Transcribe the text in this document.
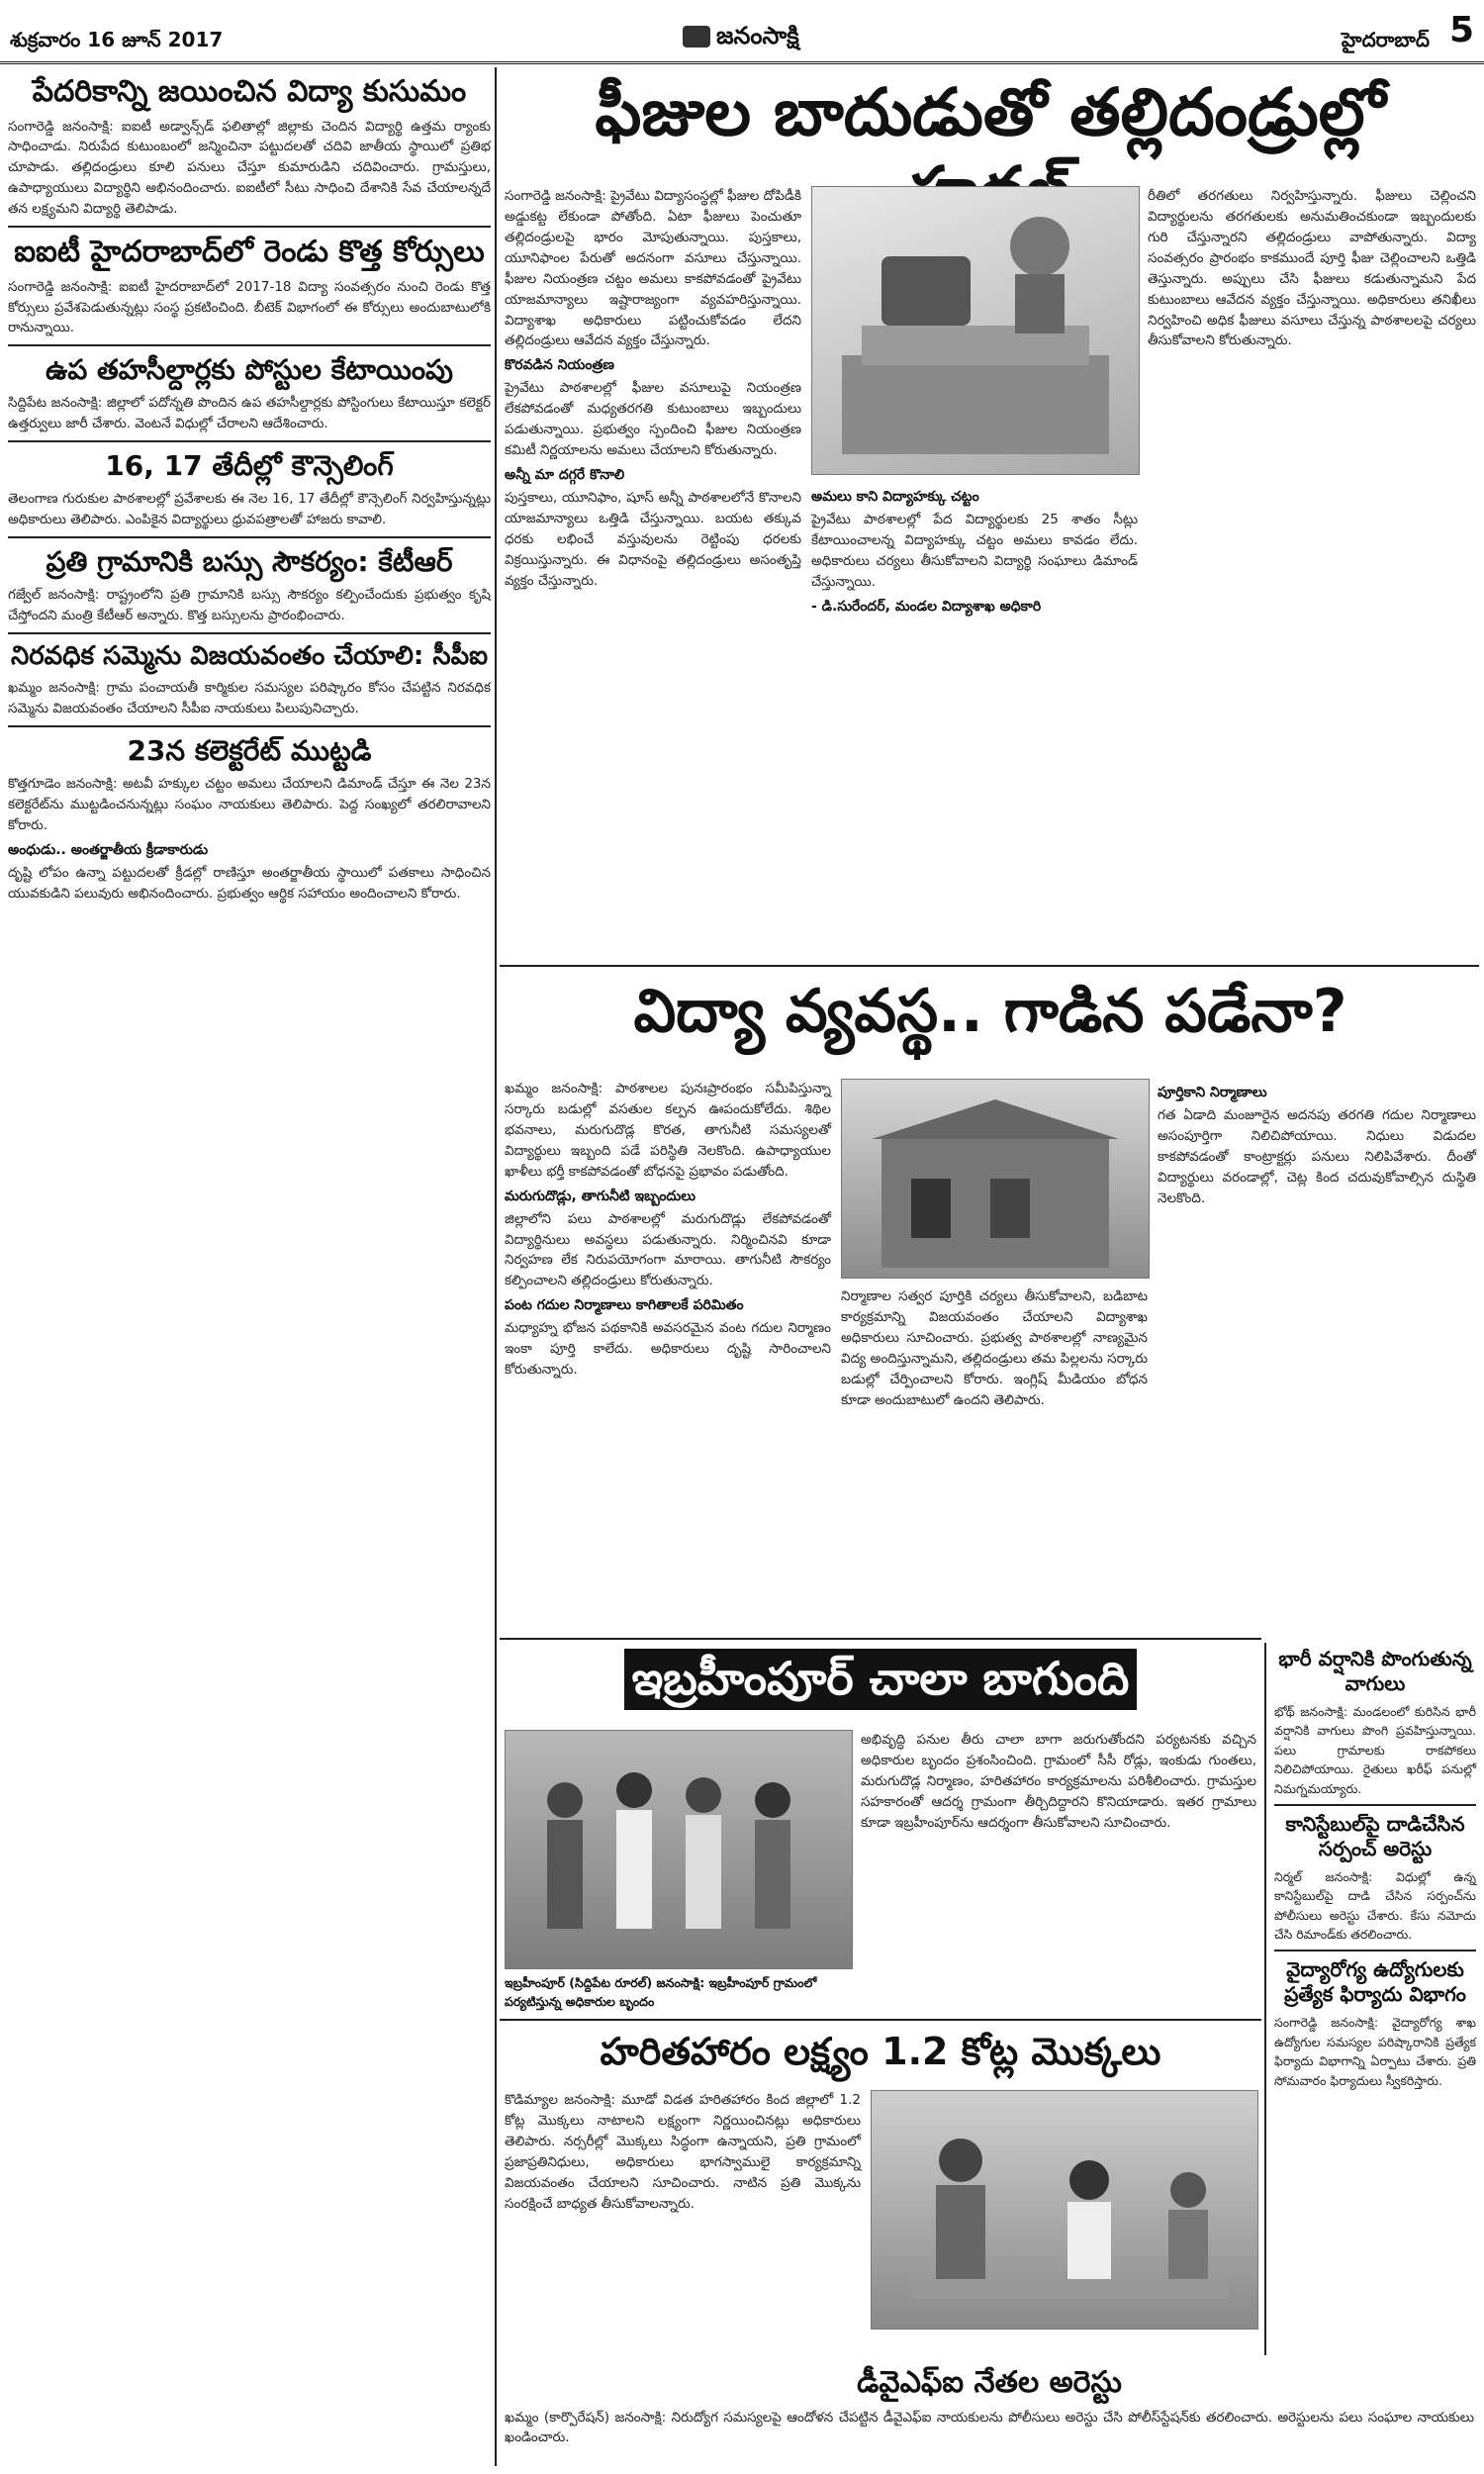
శుక్రవారం 16 జూన్ 2017	జనంసాక్షి	హైదరాబాద్ 5
పేదరికాన్ని జయించిన విద్యా కుసుమం

సంగారెడ్డి జనంసాక్షి: ఐఐటీ అడ్వాన్స్‌డ్ ఫలితాల్లో జిల్లాకు చెందిన విద్యార్థి ఉత్తమ ర్యాంకు సాధించాడు. నిరుపేద కుటుంబంలో జన్మించినా పట్టుదలతో చదివి జాతీయ స్థాయిలో ప్రతిభ చూపాడు. తల్లిదండ్రులు కూలి పనులు చేస్తూ కుమారుడిని చదివించారు. గ్రామస్తులు, ఉపాధ్యాయులు విద్యార్థిని అభినందించారు. ఐఐటీలో సీటు సాధించి దేశానికి సేవ చేయాలన్నదే తన లక్ష్యమని విద్యార్థి తెలిపాడు.

ఐఐటీ హైదరాబాద్‌లో రెండు కొత్త కోర్సులు

సంగారెడ్డి జనంసాక్షి: ఐఐటీ హైదరాబాద్‌లో 2017-18 విద్యా సంవత్సరం నుంచి రెండు కొత్త కోర్సులు ప్రవేశపెడుతున్నట్లు సంస్థ ప్రకటించింది. బీటెక్ విభాగంలో ఈ కోర్సులు అందుబాటులోకి రానున్నాయి.

ఉప తహసీల్దార్లకు పోస్టుల కేటాయింపు

సిద్దిపేట జనంసాక్షి: జిల్లాలో పదోన్నతి పొందిన ఉప తహసీల్దార్లకు పోస్టింగులు కేటాయిస్తూ కలెక్టర్ ఉత్తర్వులు జారీ చేశారు. వెంటనే విధుల్లో చేరాలని ఆదేశించారు.

16, 17 తేదీల్లో కౌన్సెలింగ్

తెలంగాణ గురుకుల పాఠశాలల్లో ప్రవేశాలకు ఈ నెల 16, 17 తేదీల్లో కౌన్సెలింగ్ నిర్వహిస్తున్నట్లు అధికారులు తెలిపారు. ఎంపికైన విద్యార్థులు ధ్రువపత్రాలతో హాజరు కావాలి.

ప్రతి గ్రామానికి బస్సు సౌకర్యం: కేటీఆర్

గజ్వేల్ జనంసాక్షి: రాష్ట్రంలోని ప్రతి గ్రామానికి బస్సు సౌకర్యం కల్పించేందుకు ప్రభుత్వం కృషి చేస్తోందని మంత్రి కేటీఆర్ అన్నారు. కొత్త బస్సులను ప్రారంభించారు.

నిరవధిక సమ్మెను విజయవంతం చేయాలి: సీపీఐ

ఖమ్మం జనంసాక్షి: గ్రామ పంచాయతీ కార్మికుల సమస్యల పరిష్కారం కోసం చేపట్టిన నిరవధిక సమ్మెను విజయవంతం చేయాలని సీపీఐ నాయకులు పిలుపునిచ్చారు.

23న కలెక్టరేట్ ముట్టడి

కొత్తగూడెం జనంసాక్షి: అటవీ హక్కుల చట్టం అమలు చేయాలని డిమాండ్ చేస్తూ ఈ నెల 23న కలెక్టరేట్‌ను ముట్టడించనున్నట్లు సంఘం నాయకులు తెలిపారు. పెద్ద సంఖ్యలో తరలిరావాలని కోరారు.

అంధుడు.. అంతర్జాతీయ క్రీడాకారుడు

దృష్టి లోపం ఉన్నా పట్టుదలతో క్రీడల్లో రాణిస్తూ అంతర్జాతీయ స్థాయిలో పతకాలు సాధించిన యువకుడిని పలువురు అభినందించారు. ప్రభుత్వం ఆర్థిక సహాయం అందించాలని కోరారు.

ఫీజుల బాదుడుతో తల్లిదండ్రుల్లో

సంగారెడ్డి జనంసాక్షి: ప్రైవేటు విద్యాసంస్థల్లో ఫీజుల దోపిడీకి అడ్డుకట్ట లేకుండా పోతోంది. ఏటా ఫీజులు పెంచుతూ తల్లిదండ్రులపై భారం మోపుతున్నాయి. పుస్తకాలు, యూనిఫాంల పేరుతో అదనంగా వసూలు చేస్తున్నాయి. ఫీజుల నియంత్రణ చట్టం అమలు కాకపోవడంతో ప్రైవేటు యాజమాన్యాలు ఇష్టారాజ్యంగా వ్యవహరిస్తున్నాయి. విద్యాశాఖ అధికారులు పట్టించుకోవడం లేదని తల్లిదండ్రులు ఆవేదన వ్యక్తం చేస్తున్నారు.

కొరవడిన నియంత్రణ

ప్రైవేటు పాఠశాలల్లో ఫీజుల వసూలుపై నియంత్రణ లేకపోవడంతో మధ్యతరగతి కుటుంబాలు ఇబ్బందులు పడుతున్నాయి. ప్రభుత్వం స్పందించి ఫీజుల నియంత్రణ కమిటీ నిర్ణయాలను అమలు చేయాలని కోరుతున్నారు.

అన్నీ మా దగ్గరే కొనాలి

పుస్తకాలు, యూనిఫాం, షూస్ అన్నీ పాఠశాలలోనే కొనాలని యాజమాన్యాలు ఒత్తిడి చేస్తున్నాయి. బయట తక్కువ ధరకు లభించే వస్తువులను రెట్టింపు ధరలకు విక్రయిస్తున్నారు. ఈ విధానంపై తల్లిదండ్రులు అసంతృప్తి వ్యక్తం చేస్తున్నారు.

అమలు కాని విద్యాహక్కు చట్టం

ప్రైవేటు పాఠశాలల్లో పేద విద్యార్థులకు 25 శాతం సీట్లు కేటాయించాలన్న విద్యాహక్కు చట్టం అమలు కావడం లేదు. అధికారులు చర్యలు తీసుకోవాలని విద్యార్థి సంఘాలు డిమాండ్ చేస్తున్నాయి.

- డి.సురేందర్, మండల విద్యాశాఖ అధికారి

రీతిలో తరగతులు నిర్వహిస్తున్నారు. ఫీజులు చెల్లించని విద్యార్థులను తరగతులకు అనుమతించకుండా ఇబ్బందులకు గురి చేస్తున్నారని తల్లిదండ్రులు వాపోతున్నారు. విద్యా సంవత్సరం ప్రారంభం కాకముందే పూర్తి ఫీజు చెల్లించాలని ఒత్తిడి తెస్తున్నారు. అప్పులు చేసి ఫీజులు కడుతున్నామని పేద కుటుంబాలు ఆవేదన వ్యక్తం చేస్తున్నాయి. అధికారులు తనిఖీలు నిర్వహించి అధిక ఫీజులు వసూలు చేస్తున్న పాఠశాలలపై చర్యలు తీసుకోవాలని కోరుతున్నారు.

విద్యా వ్యవస్థ.. గాడిన పడేనా?

ఖమ్మం జనంసాక్షి: పాఠశాలల పునఃప్రారంభం సమీపిస్తున్నా సర్కారు బడుల్లో వసతుల కల్పన ఊపందుకోలేదు. శిథిల భవనాలు, మరుగుదొడ్ల కొరత, తాగునీటి సమస్యలతో విద్యార్థులు ఇబ్బంది పడే పరిస్థితి నెలకొంది. ఉపాధ్యాయుల ఖాళీలు భర్తీ కాకపోవడంతో బోధనపై ప్రభావం పడుతోంది.

మరుగుదొడ్లు, తాగునీటి ఇబ్బందులు

జిల్లాలోని పలు పాఠశాలల్లో మరుగుదొడ్లు లేకపోవడంతో విద్యార్థినులు అవస్థలు పడుతున్నారు. నిర్మించినవి కూడా నిర్వహణ లేక నిరుపయోగంగా మారాయి. తాగునీటి సౌకర్యం కల్పించాలని తల్లిదండ్రులు కోరుతున్నారు.

పంట గదుల నిర్మాణాలు కాగితాలకే పరిమితం

మధ్యాహ్న భోజన పథకానికి అవసరమైన వంట గదుల నిర్మాణం ఇంకా పూర్తి కాలేదు. అధికారులు దృష్టి సారించాలని కోరుతున్నారు.

నిర్మాణాల సత్వర పూర్తికి చర్యలు తీసుకోవాలని, బడిబాట కార్యక్రమాన్ని విజయవంతం చేయాలని విద్యాశాఖ అధికారులు సూచించారు. ప్రభుత్వ పాఠశాలల్లో నాణ్యమైన విద్య అందిస్తున్నామని, తల్లిదండ్రులు తమ పిల్లలను సర్కారు బడుల్లో చేర్పించాలని కోరారు. ఇంగ్లిష్ మీడియం బోధన కూడా అందుబాటులో ఉందని తెలిపారు.

పూర్తికాని నిర్మాణాలు

గత ఏడాది మంజూరైన అదనపు తరగతి గదుల నిర్మాణాలు అసంపూర్తిగా నిలిచిపోయాయి. నిధులు విడుదల కాకపోవడంతో కాంట్రాక్టర్లు పనులు నిలిపివేశారు. దీంతో విద్యార్థులు వరండాల్లో, చెట్ల కింద చదువుకోవాల్సిన దుస్థితి నెలకొంది.

ఇబ్రహీంపూర్ చాలా బాగుంది
ఇబ్రహీంపూర్ (సిద్దిపేట రూరల్) జనంసాక్షి: ఇబ్రహీంపూర్ గ్రామంలో పర్యటిస్తున్న అధికారుల బృందం

అభివృద్ధి పనుల తీరు చాలా బాగా జరుగుతోందని పర్యటనకు వచ్చిన అధికారుల బృందం ప్రశంసించింది. గ్రామంలో సీసీ రోడ్లు, ఇంకుడు గుంతలు, మరుగుదొడ్ల నిర్మాణం, హరితహారం కార్యక్రమాలను పరిశీలించారు. గ్రామస్తుల సహకారంతో ఆదర్శ గ్రామంగా తీర్చిదిద్దారని కొనియాడారు. ఇతర గ్రామాలు కూడా ఇబ్రహీంపూర్‌ను ఆదర్శంగా తీసుకోవాలని సూచించారు.

హరితహారం లక్ష్యం 1.2 కోట్ల మొక్కలు

కొడిమ్యాల జనంసాక్షి: మూడో విడత హరితహారం కింద జిల్లాలో 1.2 కోట్ల మొక్కలు నాటాలని లక్ష్యంగా నిర్ణయించినట్లు అధికారులు తెలిపారు. నర్సరీల్లో మొక్కలు సిద్ధంగా ఉన్నాయని, ప్రతి గ్రామంలో ప్రజాప్రతినిధులు, అధికారులు భాగస్వాములై కార్యక్రమాన్ని విజయవంతం చేయాలని సూచించారు. నాటిన ప్రతి మొక్కను సంరక్షించే బాధ్యత తీసుకోవాలన్నారు.

డీవైఎఫ్ఐ నేతల అరెస్టు

ఖమ్మం (కార్పొరేషన్) జనంసాక్షి: నిరుద్యోగ సమస్యలపై ఆందోళన చేపట్టిన డీవైఎఫ్ఐ నాయకులను పోలీసులు అరెస్టు చేసి పోలీస్‌స్టేషన్‌కు తరలించారు. అరెస్టులను పలు సంఘాల నాయకులు ఖండించారు.

భారీ వర్షానికి పొంగుతున్న వాగులు

భోథ్ జనంసాక్షి: మండలంలో కురిసిన భారీ వర్షానికి వాగులు పొంగి ప్రవహిస్తున్నాయి. పలు గ్రామాలకు రాకపోకలు నిలిచిపోయాయి. రైతులు ఖరీఫ్ పనుల్లో నిమగ్నమయ్యారు.

కానిస్టేబుల్‌పై దాడిచేసిన సర్పంచ్ అరెస్టు

నిర్మల్ జనంసాక్షి: విధుల్లో ఉన్న కానిస్టేబుల్‌పై దాడి చేసిన సర్పంచ్‌ను పోలీసులు అరెస్టు చేశారు. కేసు నమోదు చేసి రిమాండ్‌కు తరలించారు.

వైద్యారోగ్య ఉద్యోగులకు ప్రత్యేక ఫిర్యాదు విభాగం

సంగారెడ్డి జనంసాక్షి: వైద్యారోగ్య శాఖ ఉద్యోగుల సమస్యల పరిష్కారానికి ప్రత్యేక ఫిర్యాదు విభాగాన్ని ఏర్పాటు చేశారు. ప్రతి సోమవారం ఫిర్యాదులు స్వీకరిస్తారు.
